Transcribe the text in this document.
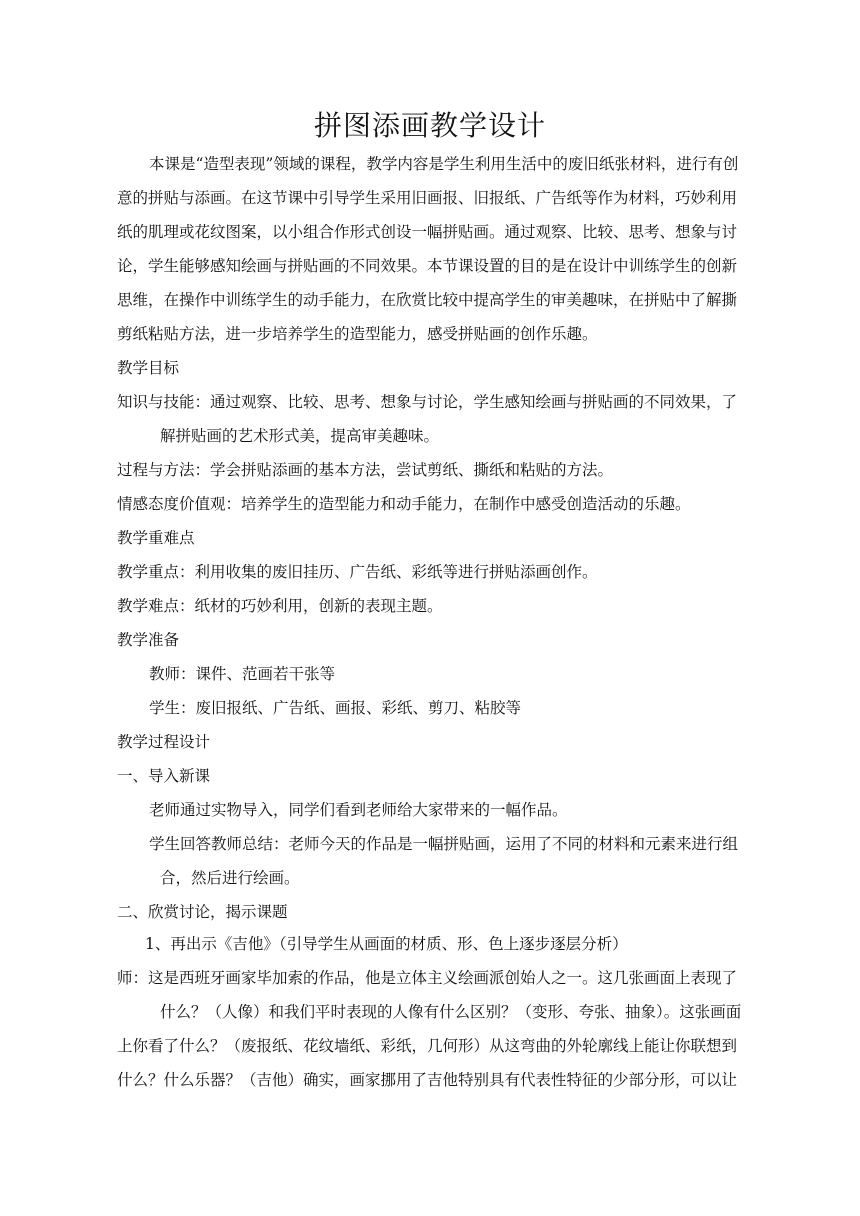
拼图添画教学设计
本课是“造型表现”领域的课程，教学内容是学生利用生活中的废旧纸张材料，进行有创
意的拼贴与添画。在这节课中引导学生采用旧画报、旧报纸、广告纸等作为材料，巧妙利用
纸的肌理或花纹图案，以小组合作形式创设一幅拼贴画。通过观察、比较、思考、想象与讨
论，学生能够感知绘画与拼贴画的不同效果。本节课设置的目的是在设计中训练学生的创新
思维，在操作中训练学生的动手能力，在欣赏比较中提高学生的审美趣味，在拼贴中了解撕
剪纸粘贴方法，进一步培养学生的造型能力，感受拼贴画的创作乐趣。
教学目标
知识与技能：通过观察、比较、思考、想象与讨论，学生感知绘画与拼贴画的不同效果，了
解拼贴画的艺术形式美，提高审美趣味。
过程与方法：学会拼贴添画的基本方法，尝试剪纸、撕纸和粘贴的方法。
情感态度价值观：培养学生的造型能力和动手能力，在制作中感受创造活动的乐趣。
教学重难点
教学重点：利用收集的废旧挂历、广告纸、彩纸等进行拼贴添画创作。
教学难点：纸材的巧妙利用，创新的表现主题。
教学准备
教师：课件、范画若干张等
学生：废旧报纸、广告纸、画报、彩纸、剪刀、粘胶等
教学过程设计
一、导入新课
老师通过实物导入，同学们看到老师给大家带来的一幅作品。
学生回答教师总结：老师今天的作品是一幅拼贴画，运用了不同的材料和元素来进行组
合，然后进行绘画。
二、欣赏讨论，揭示课题
1、再出示《吉他》（引导学生从画面的材质、形、色上逐步逐层分析）
师：这是西班牙画家毕加索的作品，他是立体主义绘画派创始人之一。这几张画面上表现了
什么？（人像）和我们平时表现的人像有什么区别？（变形、夸张、抽象）。这张画面
上你看了什么？（废报纸、花纹墙纸、彩纸，几何形）从这弯曲的外轮廓线上能让你联想到
什么？什么乐器？（吉他）确实，画家挪用了吉他特别具有代表性特征的少部分形，可以让
